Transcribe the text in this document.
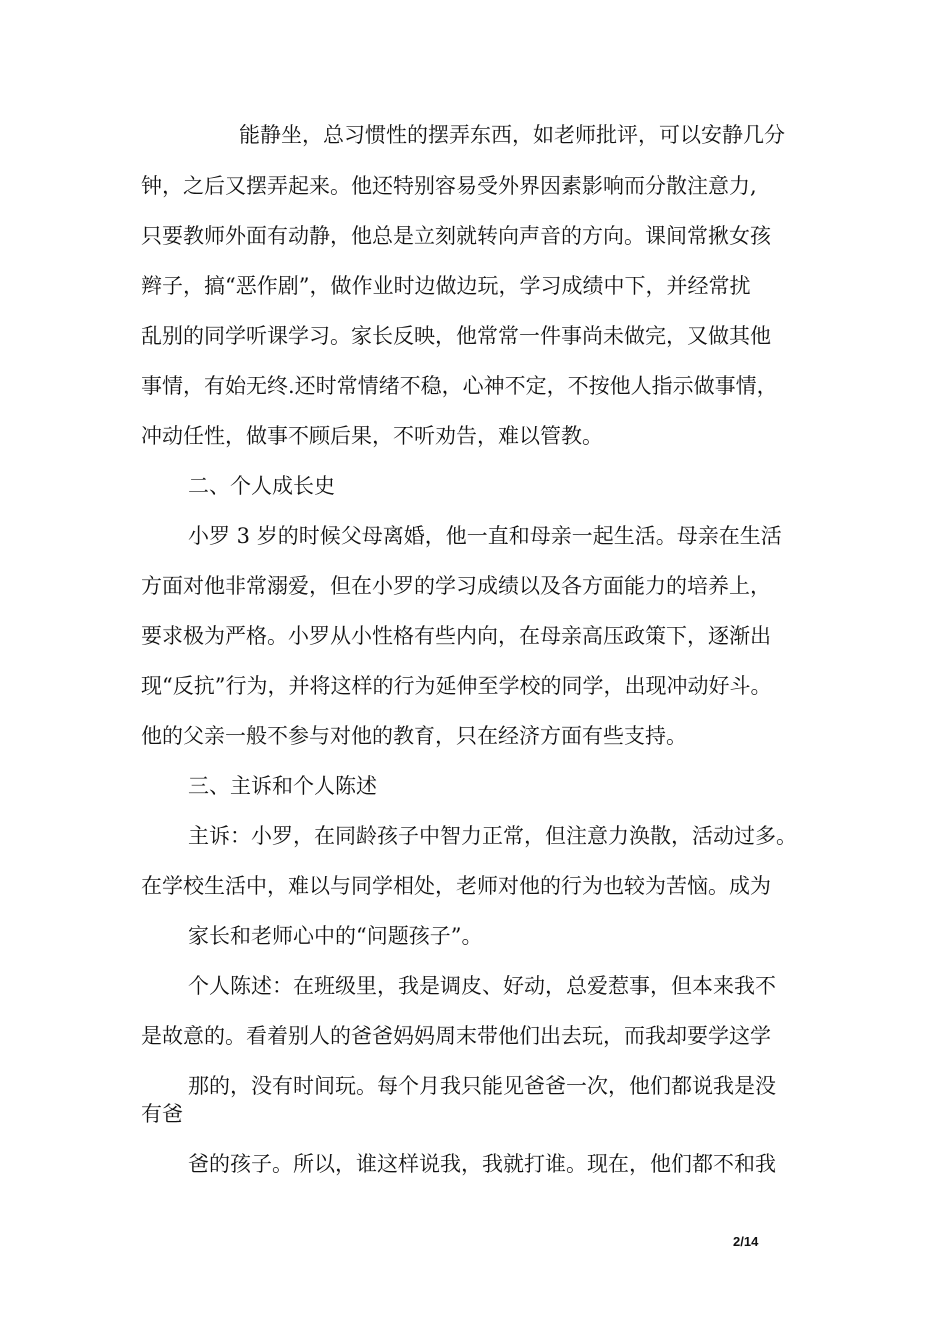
能静坐，总习惯性的摆弄东西，如老师批评，可以安静几分
钟，之后又摆弄起来。他还特别容易受外界因素影响而分散注意力,
只要教师外面有动静，他总是立刻就转向声音的方向。课间常揪女孩
辫子，搞“恶作剧”，做作业时边做边玩，学习成绩中下，并经常扰
乱别的同学听课学习。家长反映，他常常一件事尚未做完，又做其他
事情，有始无终.还时常情绪不稳，心神不定，不按他人指示做事情，
冲动任性，做事不顾后果，不听劝告，难以管教。
二、个人成长史
小罗 3 岁的时候父母离婚，他一直和母亲一起生活。母亲在生活
方面对他非常溺爱，但在小罗的学习成绩以及各方面能力的培养上，
要求极为严格。小罗从小性格有些内向，在母亲高压政策下，逐渐出
现“反抗”行为，并将这样的行为延伸至学校的同学，出现冲动好斗。
他的父亲一般不参与对他的教育，只在经济方面有些支持。
三、主诉和个人陈述
主诉：小罗，在同龄孩子中智力正常，但注意力涣散，活动过多。
在学校生活中，难以与同学相处，老师对他的行为也较为苦恼。成为
家长和老师心中的“问题孩子”。
个人陈述：在班级里，我是调皮、好动，总爱惹事，但本来我不
是故意的。看着别人的爸爸妈妈周末带他们出去玩，而我却要学这学
那的，没有时间玩。每个月我只能见爸爸一次，他们都说我是没
有爸
爸的孩子。所以，谁这样说我，我就打谁。现在，他们都不和我
2/14
